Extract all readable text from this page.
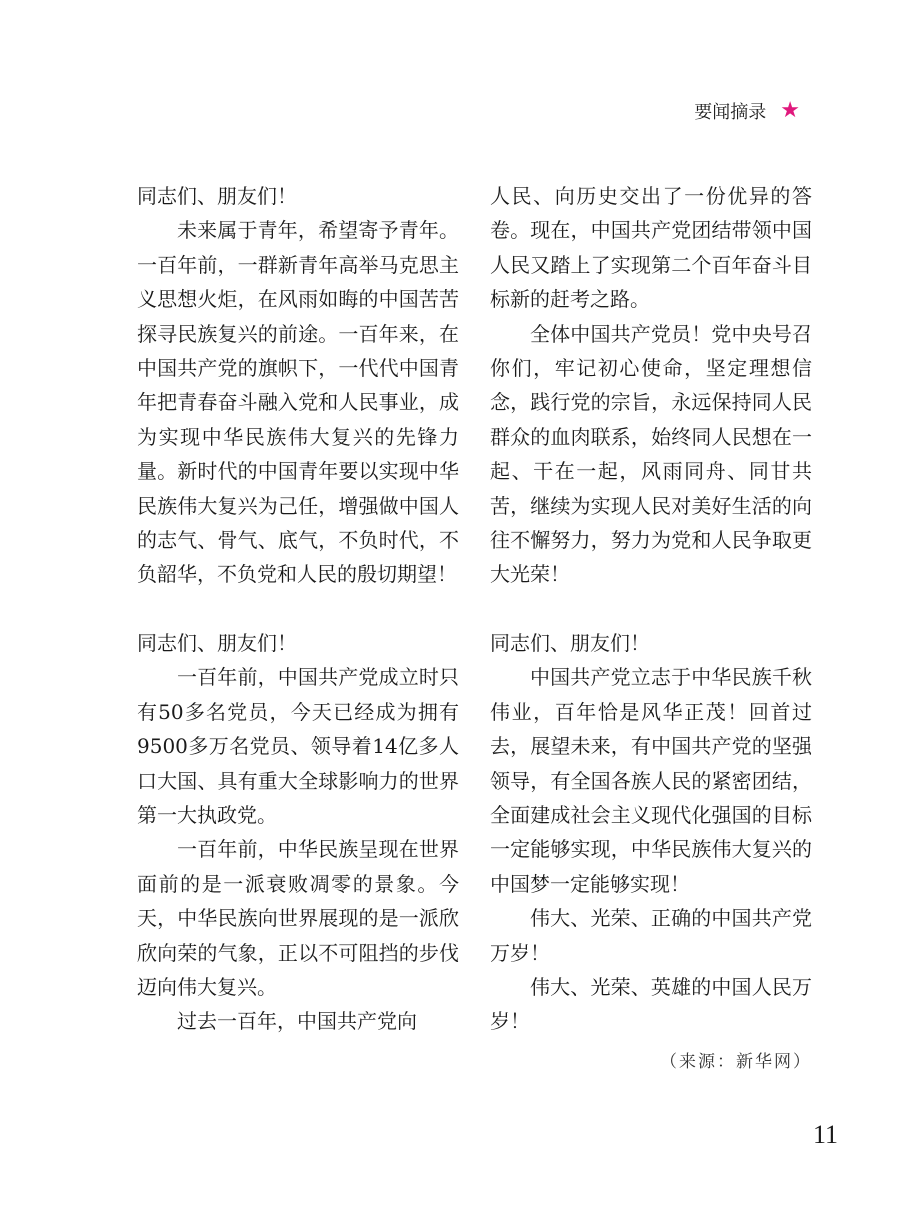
要闻摘录 ★

同志们、朋友们！

未来属于青年，希望寄予青年。一百年前，一群新青年高举马克思主义思想火炬，在风雨如晦的中国苦苦探寻民族复兴的前途。一百年来，在中国共产党的旗帜下，一代代中国青年把青春奋斗融入党和人民事业，成为实现中华民族伟大复兴的先锋力量。新时代的中国青年要以实现中华民族伟大复兴为己任，增强做中国人的志气、骨气、底气，不负时代，不负韶华，不负党和人民的殷切期望！

同志们、朋友们！

一百年前，中国共产党成立时只有50多名党员，今天已经成为拥有9500多万名党员、领导着14亿多人口大国、具有重大全球影响力的世界第一大执政党。

一百年前，中华民族呈现在世界面前的是一派衰败凋零的景象。今天，中华民族向世界展现的是一派欣欣向荣的气象，正以不可阻挡的步伐迈向伟大复兴。

过去一百年，中国共产党向

人民、向历史交出了一份优异的答卷。现在，中国共产党团结带领中国人民又踏上了实现第二个百年奋斗目标新的赶考之路。

全体中国共产党员！党中央号召你们，牢记初心使命，坚定理想信念，践行党的宗旨，永远保持同人民群众的血肉联系，始终同人民想在一起、干在一起，风雨同舟、同甘共苦，继续为实现人民对美好生活的向往不懈努力，努力为党和人民争取更大光荣！

同志们、朋友们！

中国共产党立志于中华民族千秋伟业，百年恰是风华正茂！回首过去，展望未来，有中国共产党的坚强领导，有全国各族人民的紧密团结，全面建成社会主义现代化强国的目标一定能够实现，中华民族伟大复兴的中国梦一定能够实现！

伟大、光荣、正确的中国共产党万岁！

伟大、光荣、英雄的中国人民万岁！

（来源：新华网）
11
